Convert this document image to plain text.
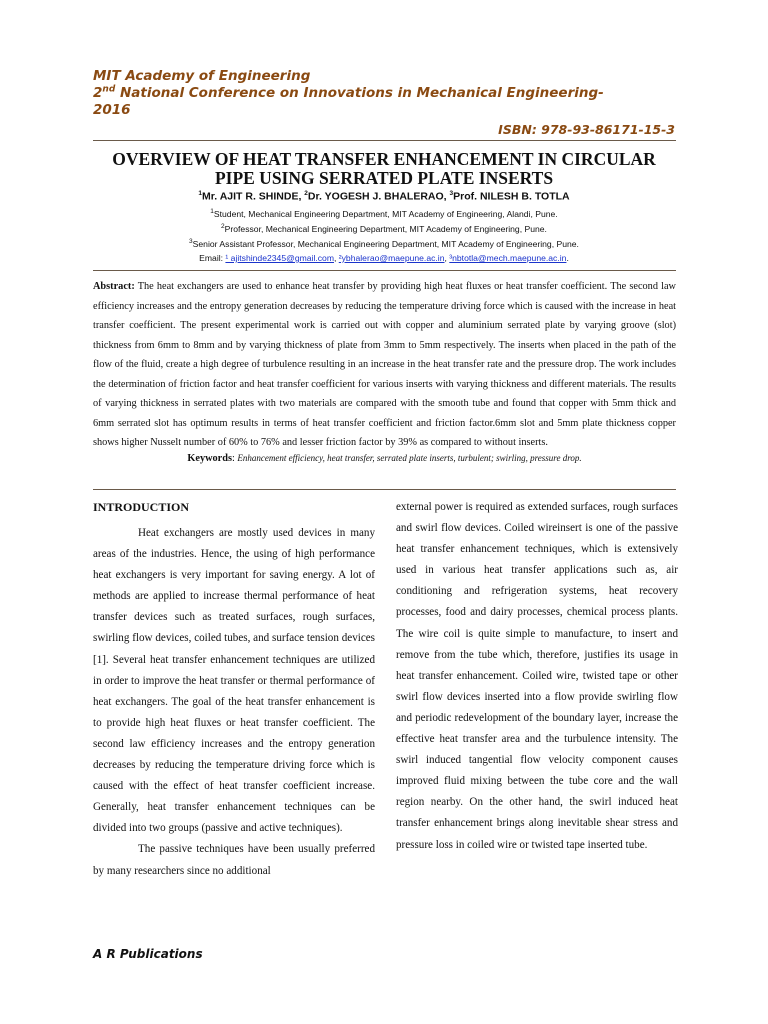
MIT Academy of Engineering
2nd National Conference on Innovations in Mechanical Engineering-
2016
ISBN: 978-93-86171-15-3
OVERVIEW OF HEAT TRANSFER ENHANCEMENT IN CIRCULAR
PIPE USING SERRATED PLATE INSERTS
$^1$Mr. AJIT R. SHINDE, $^2$Dr. YOGESH J. BHALERAO, $^3$Prof. NILESH B. TOTLA
$^1$Student, Mechanical Engineering Department, MIT Academy of Engineering, Alandi, Pune.
$^2$Professor, Mechanical Engineering Department, MIT Academy of Engineering, Pune.
$^3$Senior Assistant Professor, Mechanical Engineering Department, MIT Academy of Engineering, Pune.
Email: ¹ ajitshinde2345@gmail.com, ²ybhalerao@maepune.ac.in, ³nbtotla@mech.maepune.ac.in.

Abstract: The heat exchangers are used to enhance heat transfer by providing high heat fluxes or heat transfer coefficient. The second law efficiency increases and the entropy generation decreases by reducing the temperature driving force which is caused with the increase in heat transfer coefficient. The present experimental work is carried out with copper and aluminium serrated plate by varying groove (slot) thickness from 6mm to 8mm and by varying thickness of plate from 3mm to 5mm respectively. The inserts when placed in the path of the flow of the fluid, create a high degree of turbulence resulting in an increase in the heat transfer rate and the pressure drop. The work includes the determination of friction factor and heat transfer coefficient for various inserts with varying thickness and different materials. The results of varying thickness in serrated plates with two materials are compared with the smooth tube and found that copper with 5mm thick and 6mm serrated slot has optimum results in terms of heat transfer coefficient and friction factor.6mm slot and 5mm plate thickness copper shows higher Nusselt number of 60% to 76% and lesser friction factor by 39% as compared to without inserts.

Keywords: Enhancement efficiency, heat transfer, serrated plate inserts, turbulent; swirling, pressure drop.
INTRODUCTION

Heat exchangers are mostly used devices in many areas of the industries. Hence, the using of high performance heat exchangers is very important for saving energy. A lot of methods are applied to increase thermal performance of heat transfer devices such as treated surfaces, rough surfaces, swirling flow devices, coiled tubes, and surface tension devices [1]. Several heat transfer enhancement techniques are utilized in order to improve the heat transfer or thermal performance of heat exchangers. The goal of the heat transfer enhancement is to provide high heat fluxes or heat transfer coefficient. The second law efficiency increases and the entropy generation decreases by reducing the temperature driving force which is caused with the effect of heat transfer coefficient increase. Generally, heat transfer enhancement techniques can be divided into two groups (passive and active techniques).

The passive techniques have been usually preferred by many researchers since no additional

external power is required as extended surfaces, rough surfaces and swirl flow devices. Coiled wireinsert is one of the passive heat transfer enhancement techniques, which is extensively used in various heat transfer applications such as, air conditioning and refrigeration systems, heat recovery processes, food and dairy processes, chemical process plants. The wire coil is quite simple to manufacture, to insert and remove from the tube which, therefore, justifies its usage in heat transfer enhancement. Coiled wire, twisted tape or other swirl flow devices inserted into a flow provide swirling flow and periodic redevelopment of the boundary layer, increase the effective heat transfer area and the turbulence intensity. The swirl induced tangential flow velocity component causes improved fluid mixing between the tube core and the wall region nearby. On the other hand, the swirl induced heat transfer enhancement brings along inevitable shear stress and pressure loss in coiled wire or twisted tape inserted tube.

A R Publications
